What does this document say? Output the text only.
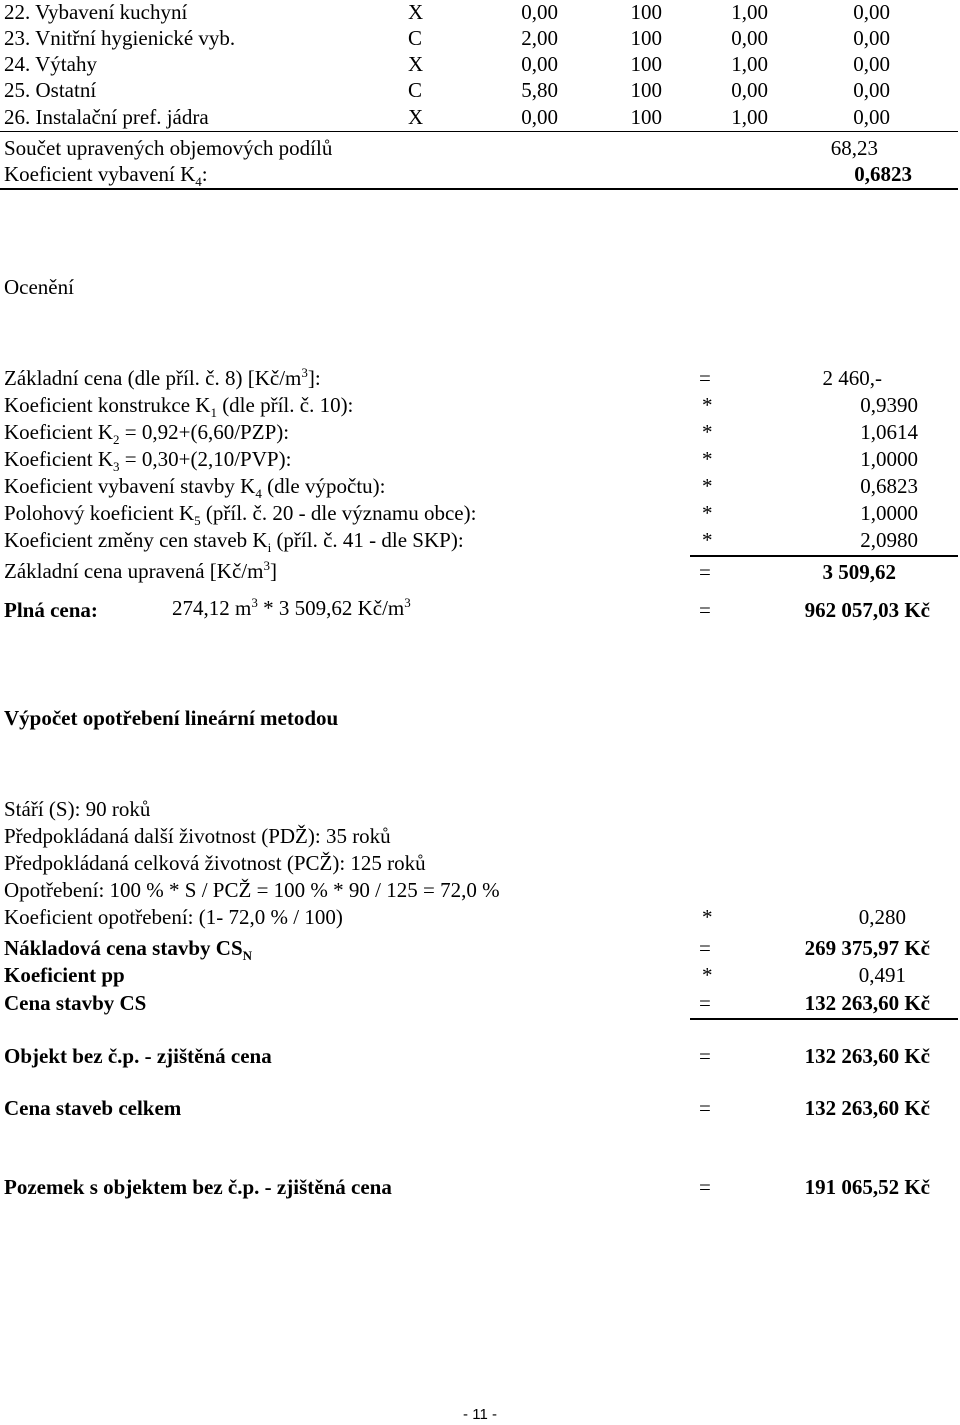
22. Vybavení kuchyní	X	0,00	100	1,00	0,00
23. Vnitřní hygienické vyb.	C	2,00	100	0,00	0,00
24. Výtahy	X	0,00	100	1,00	0,00
25. Ostatní	C	5,80	100	0,00	0,00
26. Instalační pref. jádra	X	0,00	100	1,00	0,00
Součet upravených objemových podílů	68,23
Koeficient vybavení $K_4$:	0,6823
Ocenění
Základní cena (dle příl. č. 8) $[Kč/m^3]$:	=	2 460,-
Koeficient konstrukce $K_1$ (dle příl. č. 10):	*	0,9390
Koeficient $K_2 = 0,92+(6,60/PZP)$:	*	1,0614
Koeficient $K_3 = 0,30+(2,10/PVP)$:	*	1,0000
Koeficient vybavení stavby $K_4$ (dle výpočtu):	*	0,6823
Polohový koeficient $K_5$ (příl. č. 20 - dle významu obce):	*	1,0000
Koeficient změny cen staveb $K_i$ (příl. č. 41 - dle SKP):	*	2,0980
Základní cena upravená $[Kč/m^3]$	=	3 509,62
Plná cena:	274,12 $m^3 * 3$ 509,62 $Kč/m^3$	=	962 057,03 Kč
Výpočet opotřebení lineární metodou
Stáří (S): 90 roků
Předpokládaná další životnost (PDŽ): 35 roků
Předpokládaná celková životnost (PCŽ): 125 roků
Opotřebení: 100 % * S / PCŽ = 100 % * 90 / 125 = 72,0 %
Koeficient opotřebení: (1- 72,0 % / 100)	*	0,280
Nákladová cena stavby $CS_N$	=	269 375,97 Kč
Koeficient pp	*	0,491
Cena stavby CS	=	132 263,60 Kč
Objekt bez č.p. - zjištěná cena	=	132 263,60 Kč
Cena staveb celkem	=	132 263,60 Kč
Pozemek s objektem bez č.p. - zjištěná cena	=	191 065,52 Kč
- 11 -
